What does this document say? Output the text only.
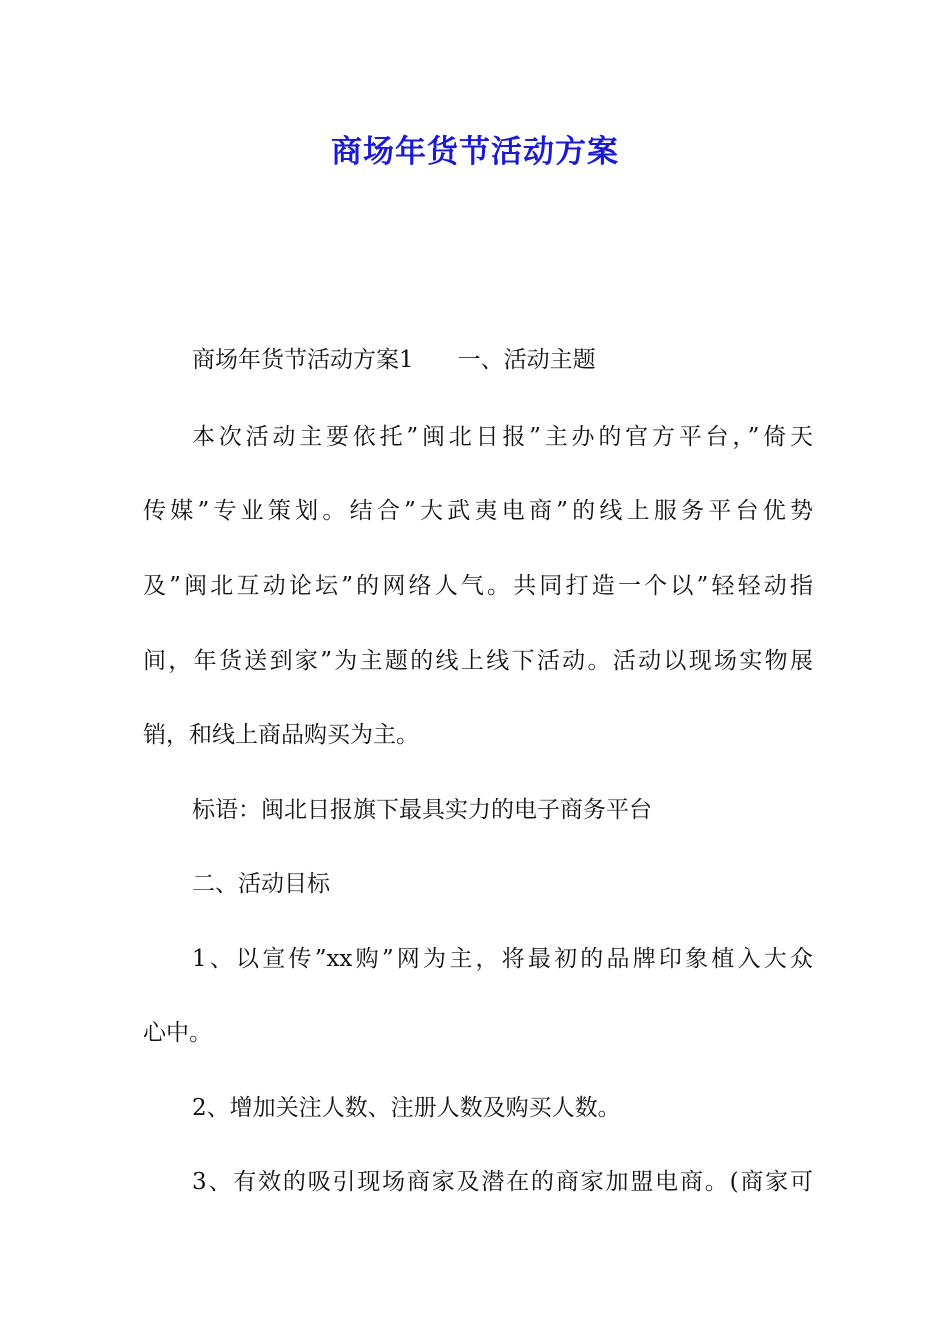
商场年货节活动方案
商场年货节活动方案1 一、活动主题
本次活动主要依托”闽北日报”主办的官方平台，”倚天
传媒”专业策划。结合”大武夷电商”的线上服务平台优势
及”闽北互动论坛”的网络人气。共同打造一个以”轻轻动指
间，年货送到家”为主题的线上线下活动。活动以现场实物展
销，和线上商品购买为主。
标语：闽北日报旗下最具实力的电子商务平台
二、活动目标
1、以宣传”xx购”网为主，将最初的品牌印象植入大众
心中。
2、增加关注人数、注册人数及购买人数。
3、有效的吸引现场商家及潜在的商家加盟电商。(商家可
